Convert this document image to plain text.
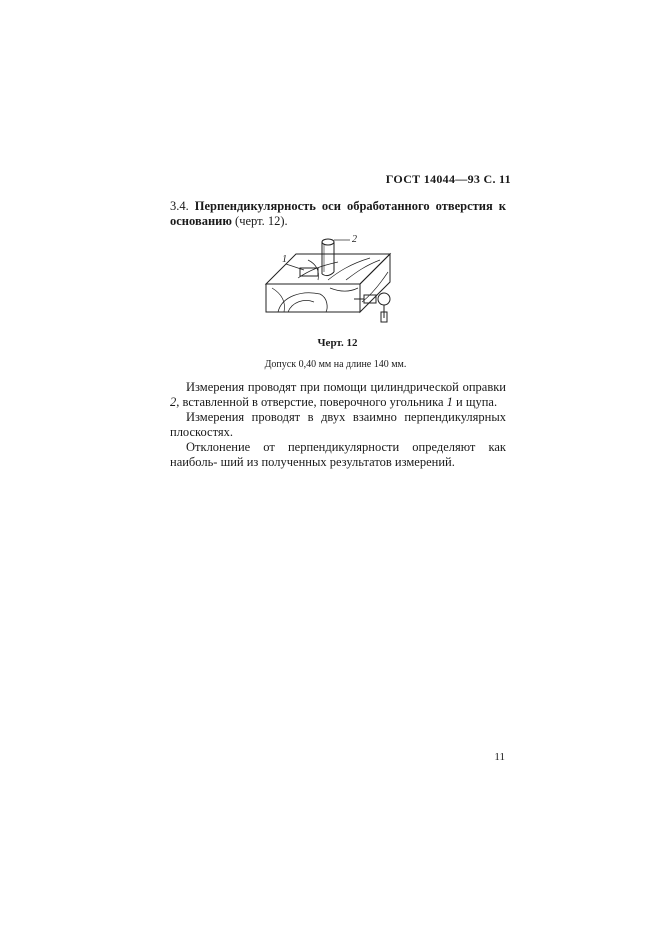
ГОСТ 14044—93 С. 11
3.4. Перпендикулярность оси обработанного отверстия к основанию (черт. 12).
1
2
Черт. 12
Допуск 0,40 мм на длине 140 мм.

Измерения проводят при помощи цилиндрической оправки 2, вставленной в отверстие, поверочного угольника 1 и щупа.

Измерения проводят в двух взаимно перпендикулярных плоскостях.

Отклонение от перпендикулярности определяют как наиболь- ший из полученных результатов измерений.

11
